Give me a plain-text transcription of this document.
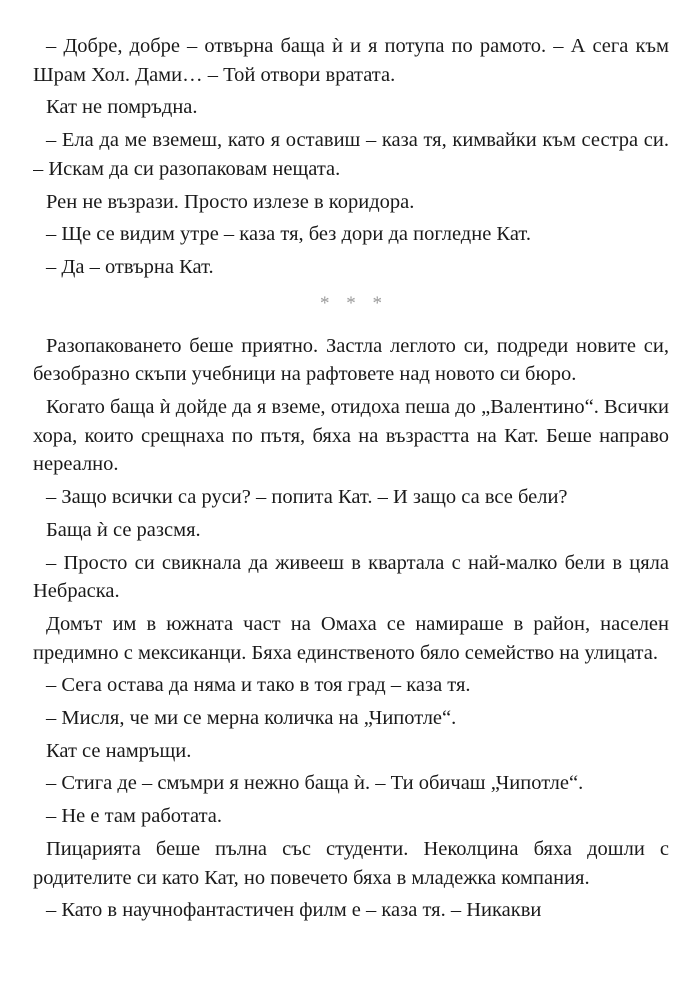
– Добре, добре – отвърна баща ѝ и я потупа по рамото. – А сега към Шрам Хол. Дами… – Той отвори вратата.

Кат не помръдна.

– Ела да ме вземеш, като я оставиш – каза тя, кимвайки към сестра си. – Искам да си разопаковам нещата.

Рен не възрази. Просто излезе в коридора.

– Ще се видим утре – каза тя, без дори да погледне Кат.

– Да – отвърна Кат.

* * *

Разопаковането беше приятно. Застла леглото си, подреди новите си, безобразно скъпи учебници на рафтовете над новото си бюро.

Когато баща ѝ дойде да я вземе, отидоха пеша до „Валентино“. Всички хора, които срещнаха по пътя, бяха на възрастта на Кат. Беше направо нереално.

– Защо всички са руси? – попита Кат. – И защо са все бели?

Баща ѝ се разсмя.

– Просто си свикнала да живееш в квартала с най-малко бели в цяла Небраска.

Домът им в южната част на Омаха се намираше в район, населен предимно с мексиканци. Бяха единственото бяло семейство на улицата.

– Сега остава да няма и тако в тоя град – каза тя.

– Мисля, че ми се мерна количка на „Чипотле“.

Кат се намръщи.

– Стига де – смъмри я нежно баща ѝ. – Ти обичаш „Чипотле“.

– Не е там работата.

Пицарията беше пълна със студенти. Неколцина бяха дошли с родителите си като Кат, но повечето бяха в младежка компания.

– Като в научнофантастичен филм е – каза тя. – Никакви
